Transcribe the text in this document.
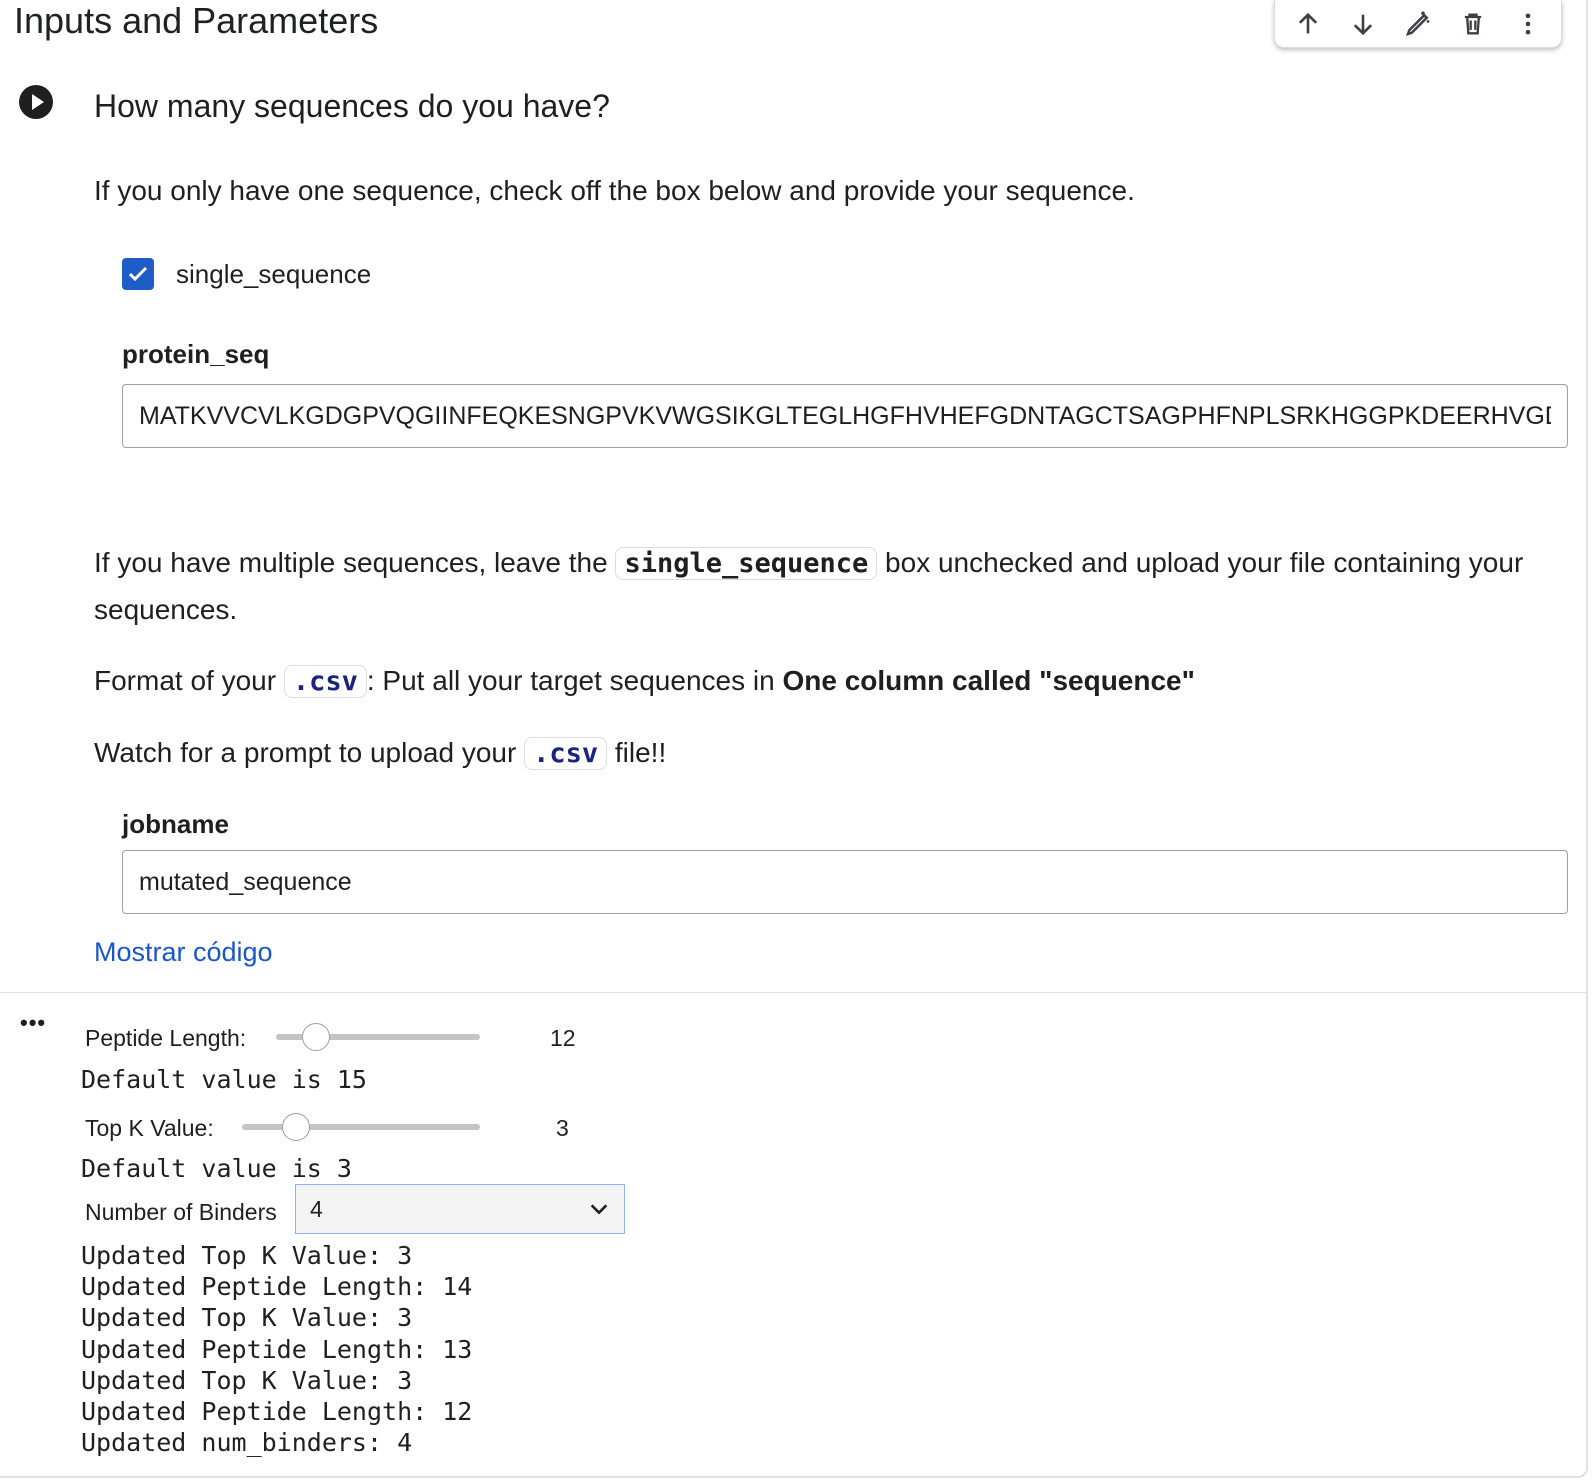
Inputs and Parameters
How many sequences do you have?
If you only have one sequence, check off the box below and provide your sequence.
single_sequence
protein_seq
MATKVVCVLKGDGPVQGIINFEQKESNGPVKVWGSIKGLTEGLHGFHVHEFGDNTAGCTSAGPHFNPLSRKHGGPKDEERHVGDLGNV
If you have multiple sequences, leave the single_sequence box unchecked and upload your file containing your sequences.
Format of your .csv : Put all your target sequences in One column called "sequence"
Watch for a prompt to upload your .csv file!!
jobname
mutated_sequence
Mostrar código
•••
Peptide Length:	12
Default value is 15
Top K Value:	3
Default value is 3
Number of Binders 4
Updated Top K Value: 3
Updated Peptide Length: 14
Updated Top K Value: 3
Updated Peptide Length: 13
Updated Top K Value: 3
Updated Peptide Length: 12
Updated num_binders: 4
